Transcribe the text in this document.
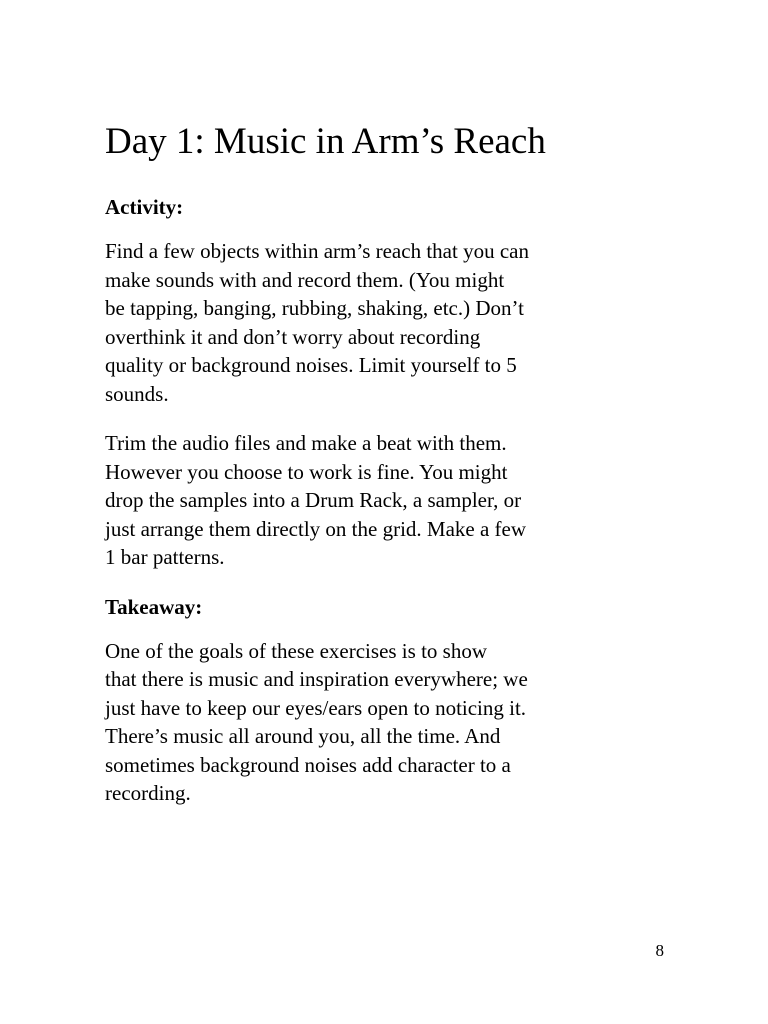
Day 1: Music in Arm’s Reach
Activity:

Find a few objects within arm’s reach that you can
make sounds with and record them. (You might
be tapping, banging, rubbing, shaking, etc.) Don’t
overthink it and don’t worry about recording
quality or background noises. Limit yourself to 5
sounds.

Trim the audio files and make a beat with them.
However you choose to work is fine. You might
drop the samples into a Drum Rack, a sampler, or
just arrange them directly on the grid. Make a few
1 bar patterns.

Takeaway:

One of the goals of these exercises is to show
that there is music and inspiration everywhere; we
just have to keep our eyes/ears open to noticing it.
There’s music all around you, all the time. And
sometimes background noises add character to a
recording.

8
